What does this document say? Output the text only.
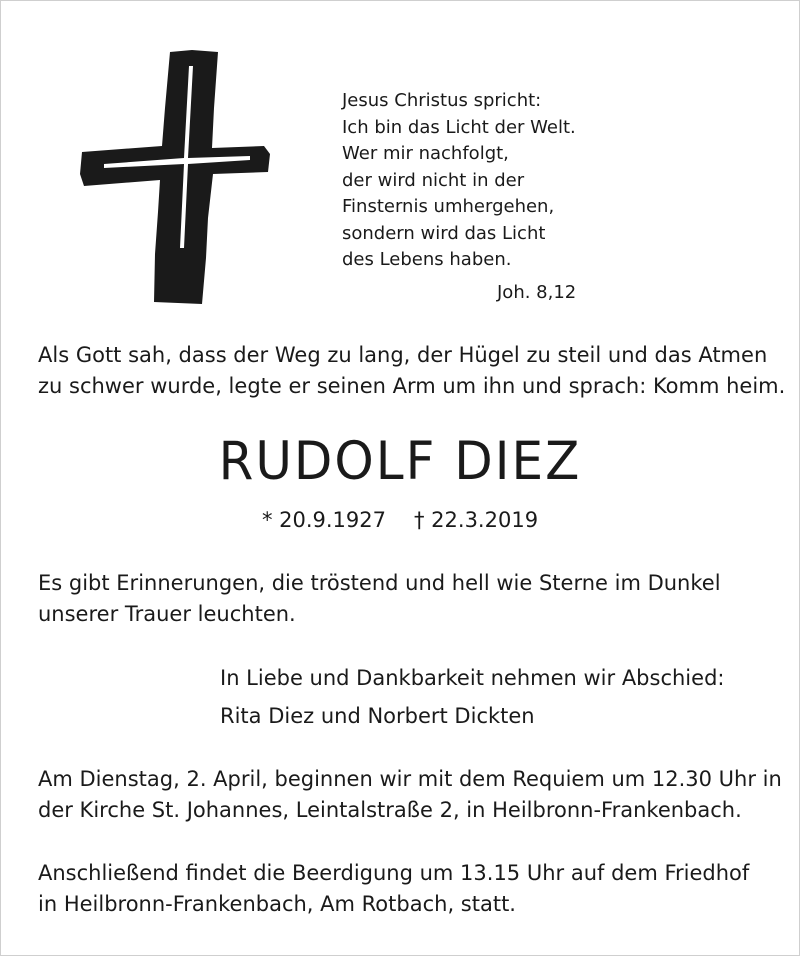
Jesus Christus spricht:
Ich bin das Licht der Welt.
Wer mir nachfolgt,
der wird nicht in der
Finsternis umhergehen,
sondern wird das Licht
des Lebens haben.
Joh. 8,12
Als Gott sah, dass der Weg zu lang, der Hügel zu steil und das Atmen
zu schwer wurde, legte er seinen Arm um ihn und sprach: Komm heim.
RUDOLF DIEZ
* 20.9.1927 † 22.3.2019
Es gibt Erinnerungen, die tröstend und hell wie Sterne im Dunkel
unserer Trauer leuchten.
In Liebe und Dankbarkeit nehmen wir Abschied:
Rita Diez und Norbert Dickten
Am Dienstag, 2. April, beginnen wir mit dem Requiem um 12.30 Uhr in
der Kirche St. Johannes, Leintalstraße 2, in Heilbronn-Frankenbach.
Anschließend findet die Beerdigung um 13.15 Uhr auf dem Friedhof
in Heilbronn-Frankenbach, Am Rotbach, statt.
